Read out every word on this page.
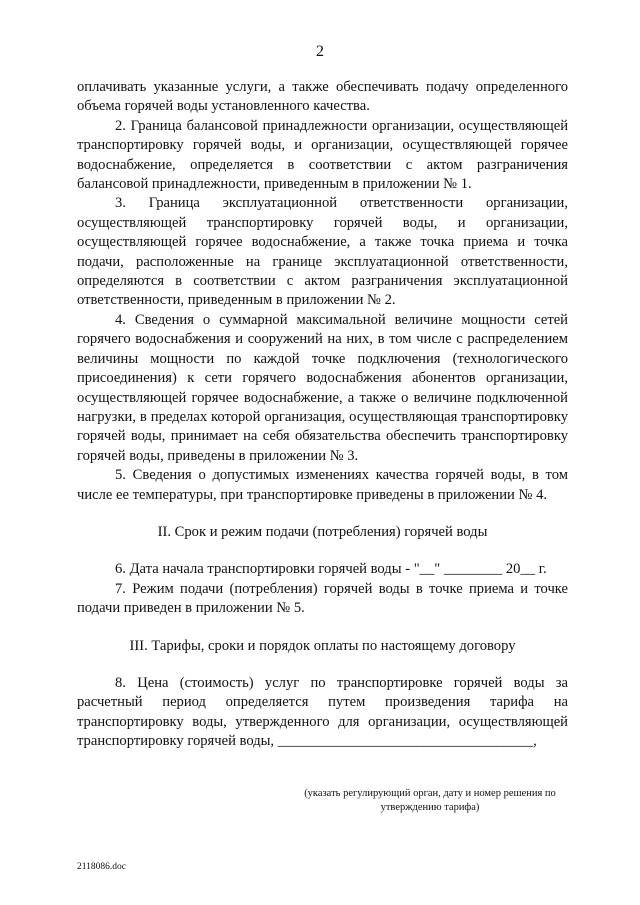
2

оплачивать указанные услуги, а также обеспечивать подачу определенного объема горячей воды установленного качества.

2. Граница балансовой принадлежности организации, осуществляющей транспортировку горячей воды, и организации, осуществляющей горячее водоснабжение, определяется в соответствии с актом разграничения балансовой принадлежности, приведенным в приложении № 1.

3. Граница эксплуатационной ответственности организации, осуществляющей транспортировку горячей воды, и организации, осуществляющей горячее водоснабжение, а также точка приема и точка подачи, расположенные на границе эксплуатационной ответственности, определяются в соответствии с актом разграничения эксплуатационной ответственности, приведенным в приложении № 2.

4. Сведения о суммарной максимальной величине мощности сетей горячего водоснабжения и сооружений на них, в том числе с распределением величины мощности по каждой точке подключения (технологического присоединения) к сети горячего водоснабжения абонентов организации, осуществляющей горячее водоснабжение, а также о величине подключенной нагрузки, в пределах которой организация, осуществляющая транспортировку горячей воды, принимает на себя обязательства обеспечить транспортировку горячей воды, приведены в приложении № 3.

5. Сведения о допустимых изменениях качества горячей воды, в том числе ее температуры, при транспортировке приведены в приложении № 4.

II. Срок и режим подачи (потребления) горячей воды

6. Дата начала транспортировки горячей воды - "__" ________ 20__ г.

7. Режим подачи (потребления) горячей воды в точке приема и точке подачи приведен в приложении № 5.

III. Тарифы, сроки и порядок оплаты по настоящему договору

8. Цена (стоимость) услуг по транспортировке горячей воды за расчетный период определяется путем произведения тарифа на транспортировку воды, утвержденного для организации, осуществляющей транспортировку горячей воды, ___________________________________,

(указать регулирующий орган, дату и номер решения по утверждению тарифа)
2118086.doc
